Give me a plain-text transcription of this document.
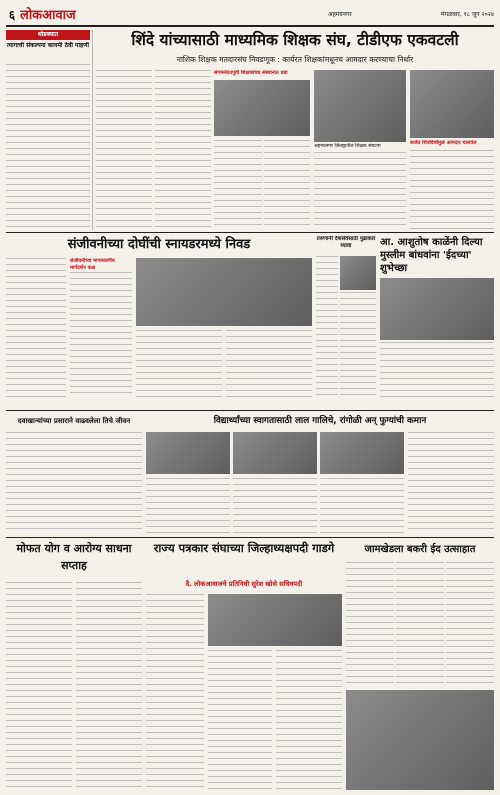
६ लोकआवाज	अहमदनगर	मंगळवार, १८ जून २०२४
थोडक्यात
त्यागाची संकल्पना कायमी ठेवी पाहणी	शिंदे यांच्यासाठी माध्यमिक शिक्षक संघ, टीडीएफ एकवटली
नाशिक शिक्षक मतदारसंघ निवडणूक : कार्यरत शिक्षकांमधूनच आमदार करण्याचा निर्धार
संगमनेरातपूर्वी शिक्षकांच्या संस्थानात धडा
अहमदनगर जिल्ह्यातील शिक्षक संघटना
कर्जत शिवविधीमुळे आमदार चालवेल
संजीवनीच्या दोघींची स्नायडरमध्ये निवड
संजीवनीच्या मागासवर्गीय मार्गदर्शन कक्ष
तरुणांनी देशसेवेसाठी पुढाकार घ्यावा	आ. आशुतोष काळेंनी दिल्या मुस्लीम बांधवांना 'ईदच्या' शुभेच्छा
दवाखान्यांच्या प्रसाराने वाढवलेला तिचे जीवन	विद्यार्थ्यांच्या स्वागतासाठी लाल गालिचे, रांगोळी अन् फुग्यांची कमान
मोफत योग व आरोग्य साधना सप्ताह
राज्य पत्रकार संघाच्या जिल्हाध्यक्षपदी गाडगे
दै. लोकआवाजचे प्रतिनिधी सुरेश खोसे सचिवपदी
जामखेडला बकरी ईद उत्साहात
